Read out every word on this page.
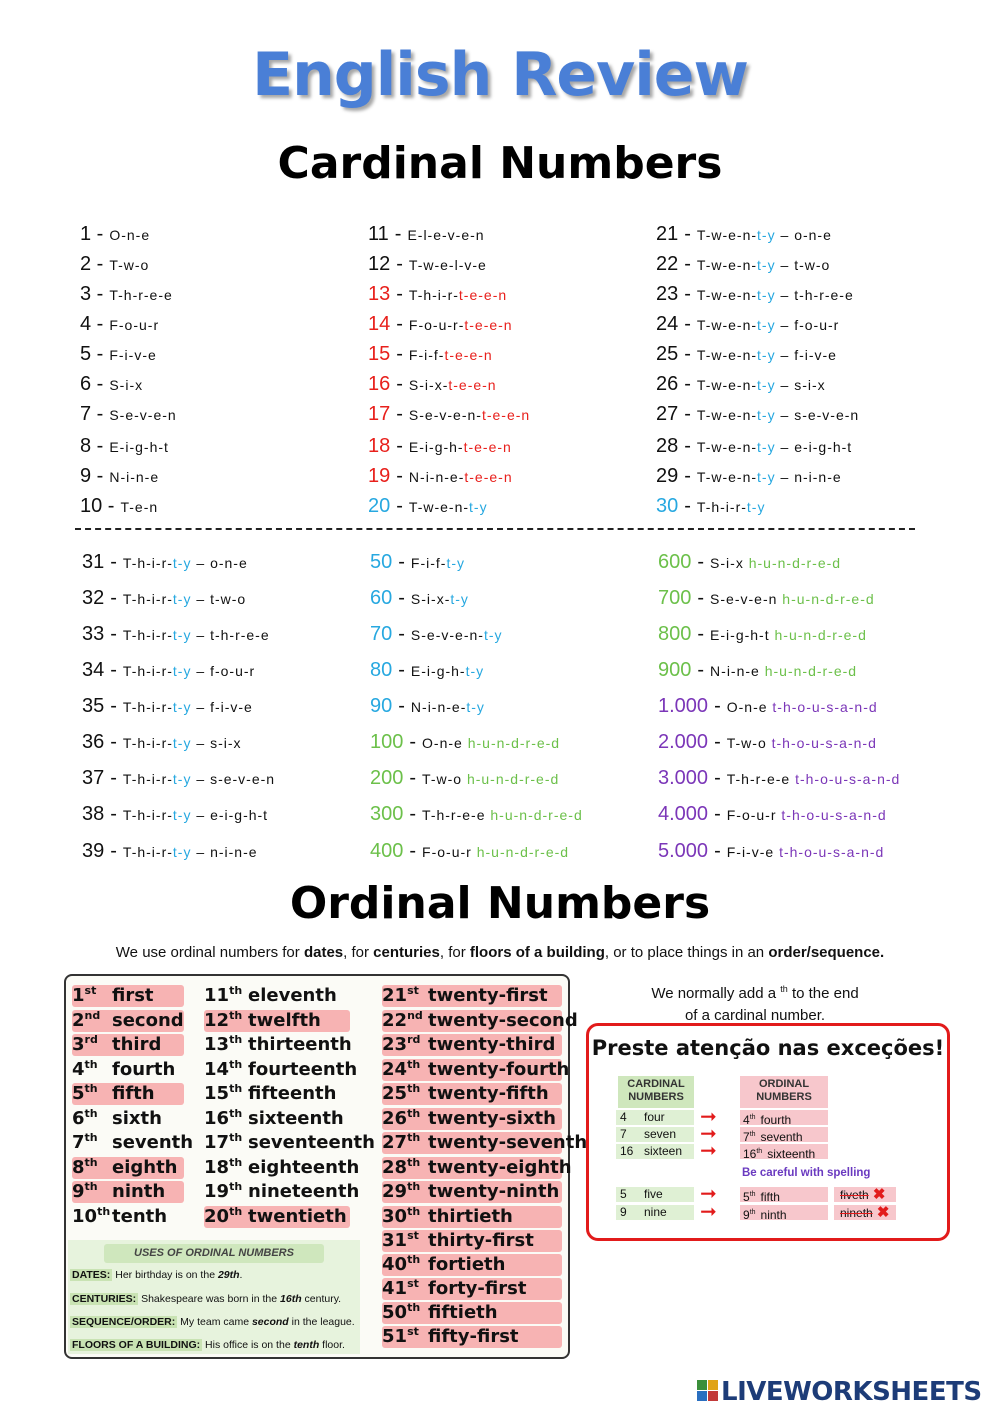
English Review
Cardinal Numbers
Ordinal Numbers
We use ordinal numbers for dates, for centuries, for floors of a building, or to place things in an order/sequence.
USES OF ORDINAL NUMBERS
We normally add a $^{th}$ to the end
of a cardinal number.
Preste atenção nas exceções!
CARDINAL
NUMBERS
ORDINAL
NUMBERS
Be careful with spelling
LIVEWORKSHEETS
1 - O-n-e
2 - T-w-o
3 - T-h-r-e-e
4 - F-o-u-r
5 - F-i-v-e
6 - S-i-x
7 - S-e-v-e-n
8 - E-i-g-h-t
9 - N-i-n-e
10 - T-e-n
11 - E-l-e-v-e-n
12 - T-w-e-l-v-e
13 - T-h-i-r-t-e-e-n
14 - F-o-u-r-t-e-e-n
15 - F-i-f-t-e-e-n
16 - S-i-x-t-e-e-n
17 - S-e-v-e-n-t-e-e-n
18 - E-i-g-h-t-e-e-n
19 - N-i-n-e-t-e-e-n
20 - T-w-e-n-t-y
21 - T-w-e-n-t-y – o-n-e
22 - T-w-e-n-t-y – t-w-o
23 - T-w-e-n-t-y – t-h-r-e-e
24 - T-w-e-n-t-y – f-o-u-r
25 - T-w-e-n-t-y – f-i-v-e
26 - T-w-e-n-t-y – s-i-x
27 - T-w-e-n-t-y – s-e-v-e-n
28 - T-w-e-n-t-y – e-i-g-h-t
29 - T-w-e-n-t-y – n-i-n-e
30 - T-h-i-r-t-y
31 - T-h-i-r-t-y – o-n-e
32 - T-h-i-r-t-y – t-w-o
33 - T-h-i-r-t-y – t-h-r-e-e
34 - T-h-i-r-t-y – f-o-u-r
35 - T-h-i-r-t-y – f-i-v-e
36 - T-h-i-r-t-y – s-i-x
37 - T-h-i-r-t-y – s-e-v-e-n
38 - T-h-i-r-t-y – e-i-g-h-t
39 - T-h-i-r-t-y – n-i-n-e
50 - F-i-f-t-y
60 - S-i-x-t-y
70 - S-e-v-e-n-t-y
80 - E-i-g-h-t-y
90 - N-i-n-e-t-y
100 - O-n-e h-u-n-d-r-e-d
200 - T-w-o h-u-n-d-r-e-d
300 - T-h-r-e-e h-u-n-d-r-e-d
400 - F-o-u-r h-u-n-d-r-e-d
600 - S-i-x h-u-n-d-r-e-d
700 - S-e-v-e-n h-u-n-d-r-e-d
800 - E-i-g-h-t h-u-n-d-r-e-d
900 - N-i-n-e h-u-n-d-r-e-d
1.000 - O-n-e t-h-o-u-s-a-n-d
2.000 - T-w-o t-h-o-u-s-a-n-d
3.000 - T-h-r-e-e t-h-o-u-s-a-n-d
4.000 - F-o-u-r t-h-o-u-s-a-n-d
5.000 - F-i-v-e t-h-o-u-s-a-n-d
1st first
2nd second
3rd third
4th fourth
5th fifth
6th sixth
7th seventh
8th eighth
9th ninth
10th tenth
11th eleventh
12th twelfth
13th thirteenth
14th fourteenth
15th fifteenth
16th sixteenth
17th seventeenth
18th eighteenth
19th nineteenth
20th twentieth
21st twenty-first
22nd twenty-second
23rd twenty-third
24th twenty-fourth
25th twenty-fifth
26th twenty-sixth
27th twenty-seventh
28th twenty-eighth
29th twenty-ninth
30th thirtieth
31st thirty-first
40th fortieth
41st forty-first
50th fiftieth
51st fifty-first
DATES: Her birthday is on the 29th.
CENTURIES: Shakespeare was born in the 16th century.
SEQUENCE/ORDER: My team came second in the league.
FLOORS OF A BUILDING: His office is on the tenth floor.
4 four	➞ 4th fourth
7 seven	➞ 7th seventh
16 sixteen ➞ 16th sixteenth
5 five	➞ 5th fifth	fiveth ✖
9 nine	➞ 9th ninth	nineth ✖
